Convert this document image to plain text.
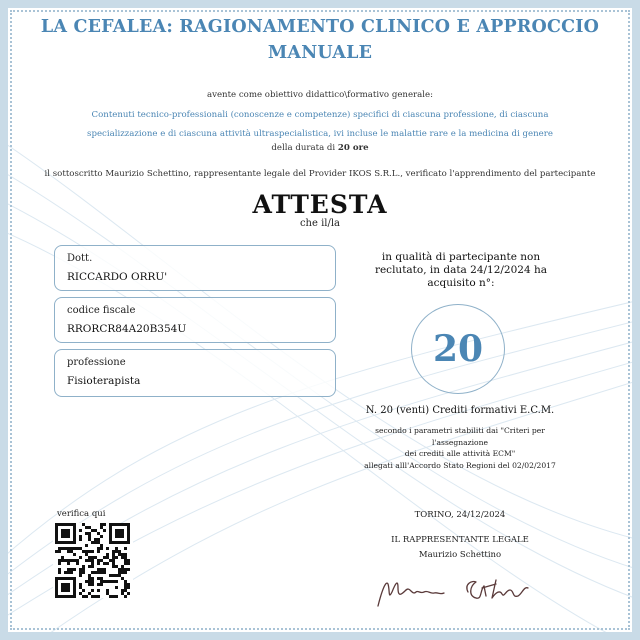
LA CEFALEA: RAGIONAMENTO CLINICO E APPROCCIO MANUALE
avente come obiettivo didattico\formativo generale:
Contenuti tecnico-professionali (conoscenze e competenze) specifici di ciascuna professione, di ciascuna specializzazione e di ciascuna attività ultraspecialistica, ivi incluse le malattie rare e la medicina di genere
della durata di 20 ore
il sottoscritto Maurizio Schettino, rappresentante legale del Provider IKOS S.R.L., verificato l'apprendimento del partecipante
ATTESTA
che il/la
Dott.
RICCARDO ORRU'
codice fiscale
RRORCR84A20B354U
professione
Fisioterapista
in qualità di partecipante non reclutato, in data 24/12/2024 ha acquisito n°:
20
N. 20 (venti) Crediti formativi E.C.M.
secondo i parametri stabiliti dai "Criteri per
l'assegnazione
dei crediti alle attività ECM"
allegati alll'Accordo Stato Regioni del 02/02/2017
TORINO, 24/12/2024
IL RAPPRESENTANTE LEGALE
Maurizio Schettino
verifica qui
